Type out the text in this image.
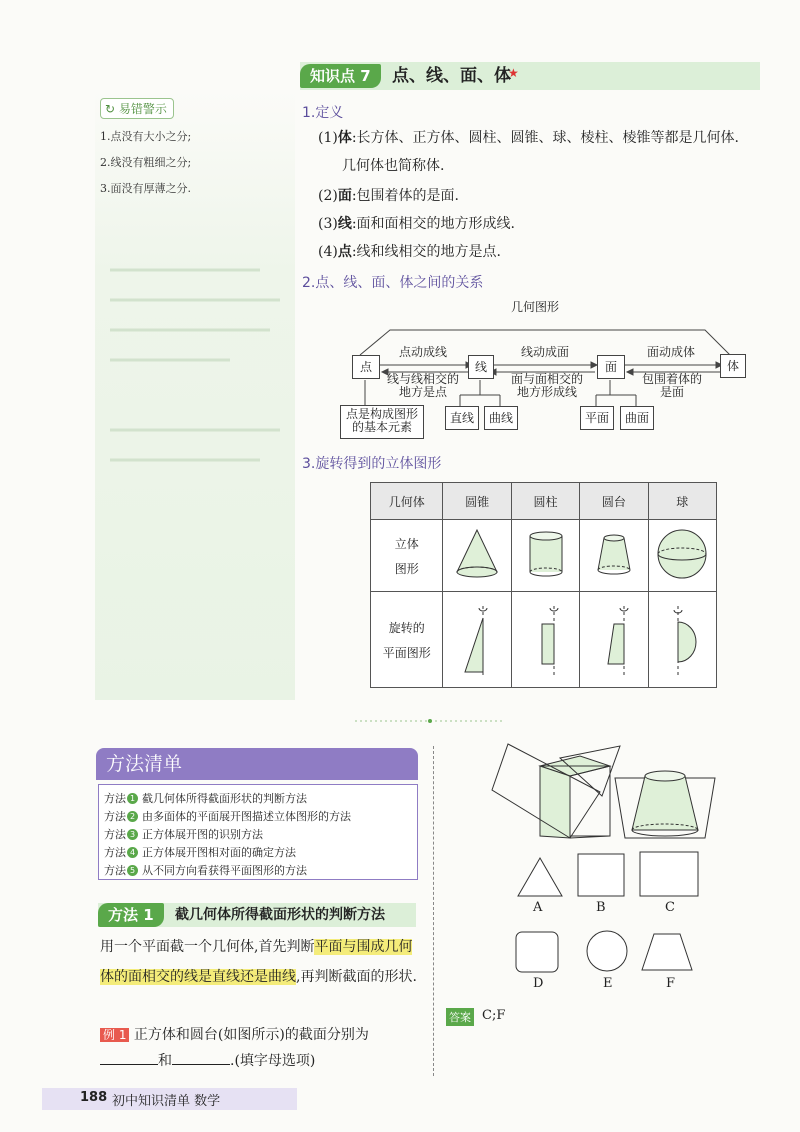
知识点 7	点、线、面、体
★
↻ 易错警示
1.点没有大小之分;
2.线没有粗细之分;
3.面没有厚薄之分.
1.定义
(1)体:长方体、正方体、圆柱、圆锥、球、棱柱、棱锥等都是几何体.
几何体也简称体.
(2)面:包围着体的是面.
(3)线:面和面相交的地方形成线.
(4)点:线和线相交的地方是点.
2.点、线、面、体之间的关系
几何图形
点	线	面	体
点动成线	线动成面	面动成体
线与线相交的地方是点
面与面相交的地方形成线
包围着体的是面
点是构成图形的基本元素
直线	曲线	平面	曲面
3.旋转得到的立体图形
几何体	圆锥	圆柱	圆台	球

立体
图形

旋转的
平面图形

方法清单
方法 1 截几何体所得截面形状的判断方法
方法 2 由多面体的平面展开图描述立体图形的方法
方法 3 正方体展开图的识别方法
方法 4 正方体展开图相对面的确定方法
方法 5 从不同方向看获得平面图形的方法
方法 1	截几何体所得截面形状的判断方法
用一个平面截一个几何体,首先判断平面与围成几何体的面相交的线是直线还是曲线,再判断截面的形状.
例 1 正方体和圆台(如图所示)的截面分别为
和	.(填字母选项)
A	B	C
D	E	F
答案 C;F
188 初中知识清单 数学
